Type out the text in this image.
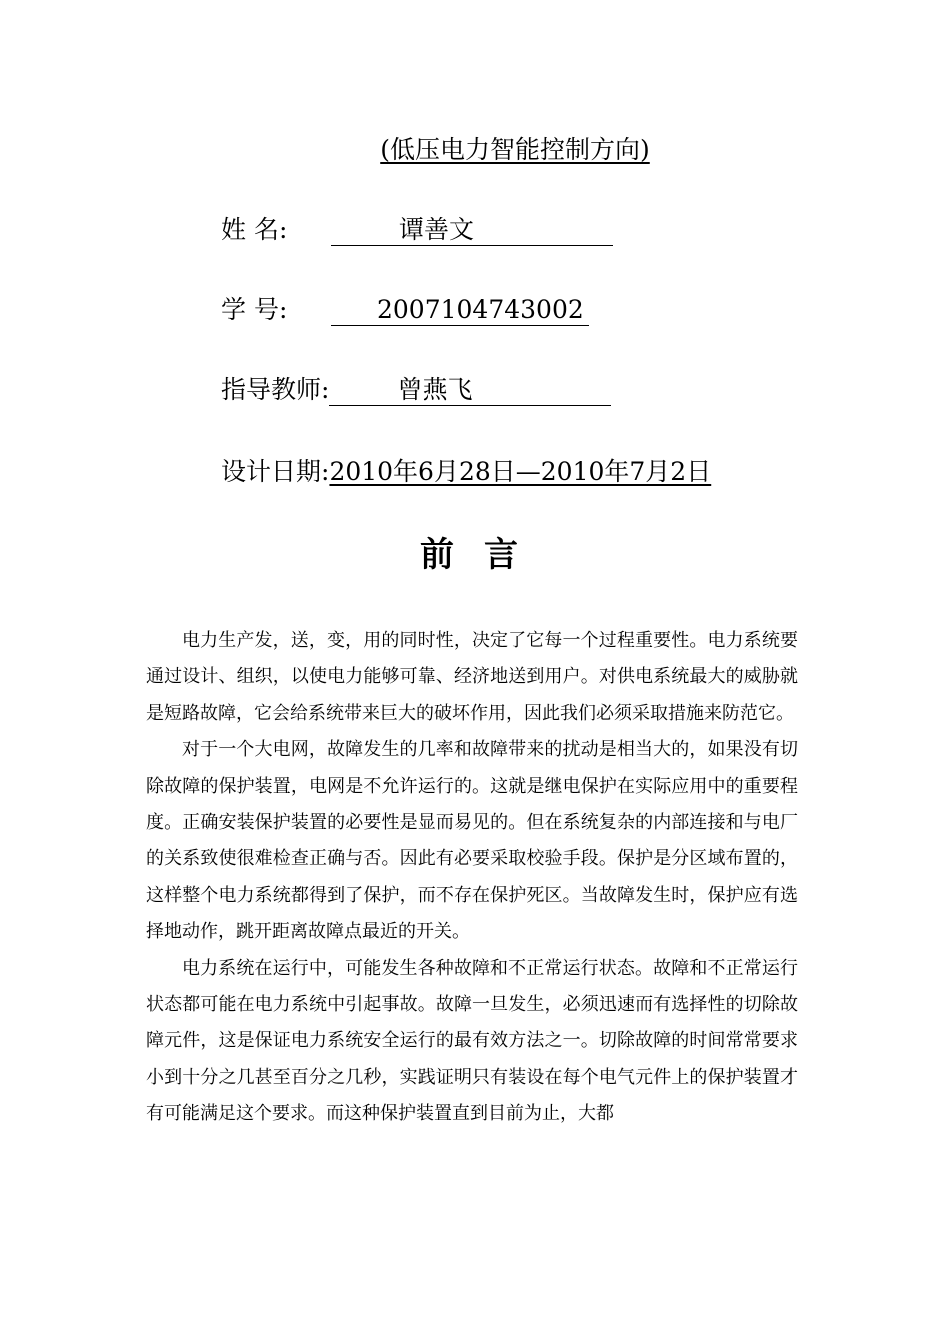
(低压电力智能控制方向)
姓 名:	谭善文
学 号:	2007104743002
指导教师:	曾燕飞
设计日期: 2010年6月28日—2010年7月2日
前言

电力生产发，送，变，用的同时性，决定了它每一个过程重要性。电力系统要通过设计、组织，以使电力能够可靠、经济地送到用户。对供电系统最大的威胁就是短路故障，它会给系统带来巨大的破坏作用，因此我们必须采取措施来防范它。

对于一个大电网，故障发生的几率和故障带来的扰动是相当大的，如果没有切除故障的保护装置，电网是不允许运行的。这就是继电保护在实际应用中的重要程度。正确安装保护装置的必要性是显而易见的。但在系统复杂的内部连接和与电厂的关系致使很难检查正确与否。因此有必要采取校验手段。保护是分区域布置的，这样整个电力系统都得到了保护，而不存在保护死区。当故障发生时，保护应有选择地动作，跳开距离故障点最近的开关。

电力系统在运行中，可能发生各种故障和不正常运行状态。故障和不正常运行状态都可能在电力系统中引起事故。故障一旦发生，必须迅速而有选择性的切除故障元件，这是保证电力系统安全运行的最有效方法之一。切除故障的时间常常要求小到十分之几甚至百分之几秒，实践证明只有装设在每个电气元件上的保护装置才有可能满足这个要求。而这种保护装置直到目前为止，大都
